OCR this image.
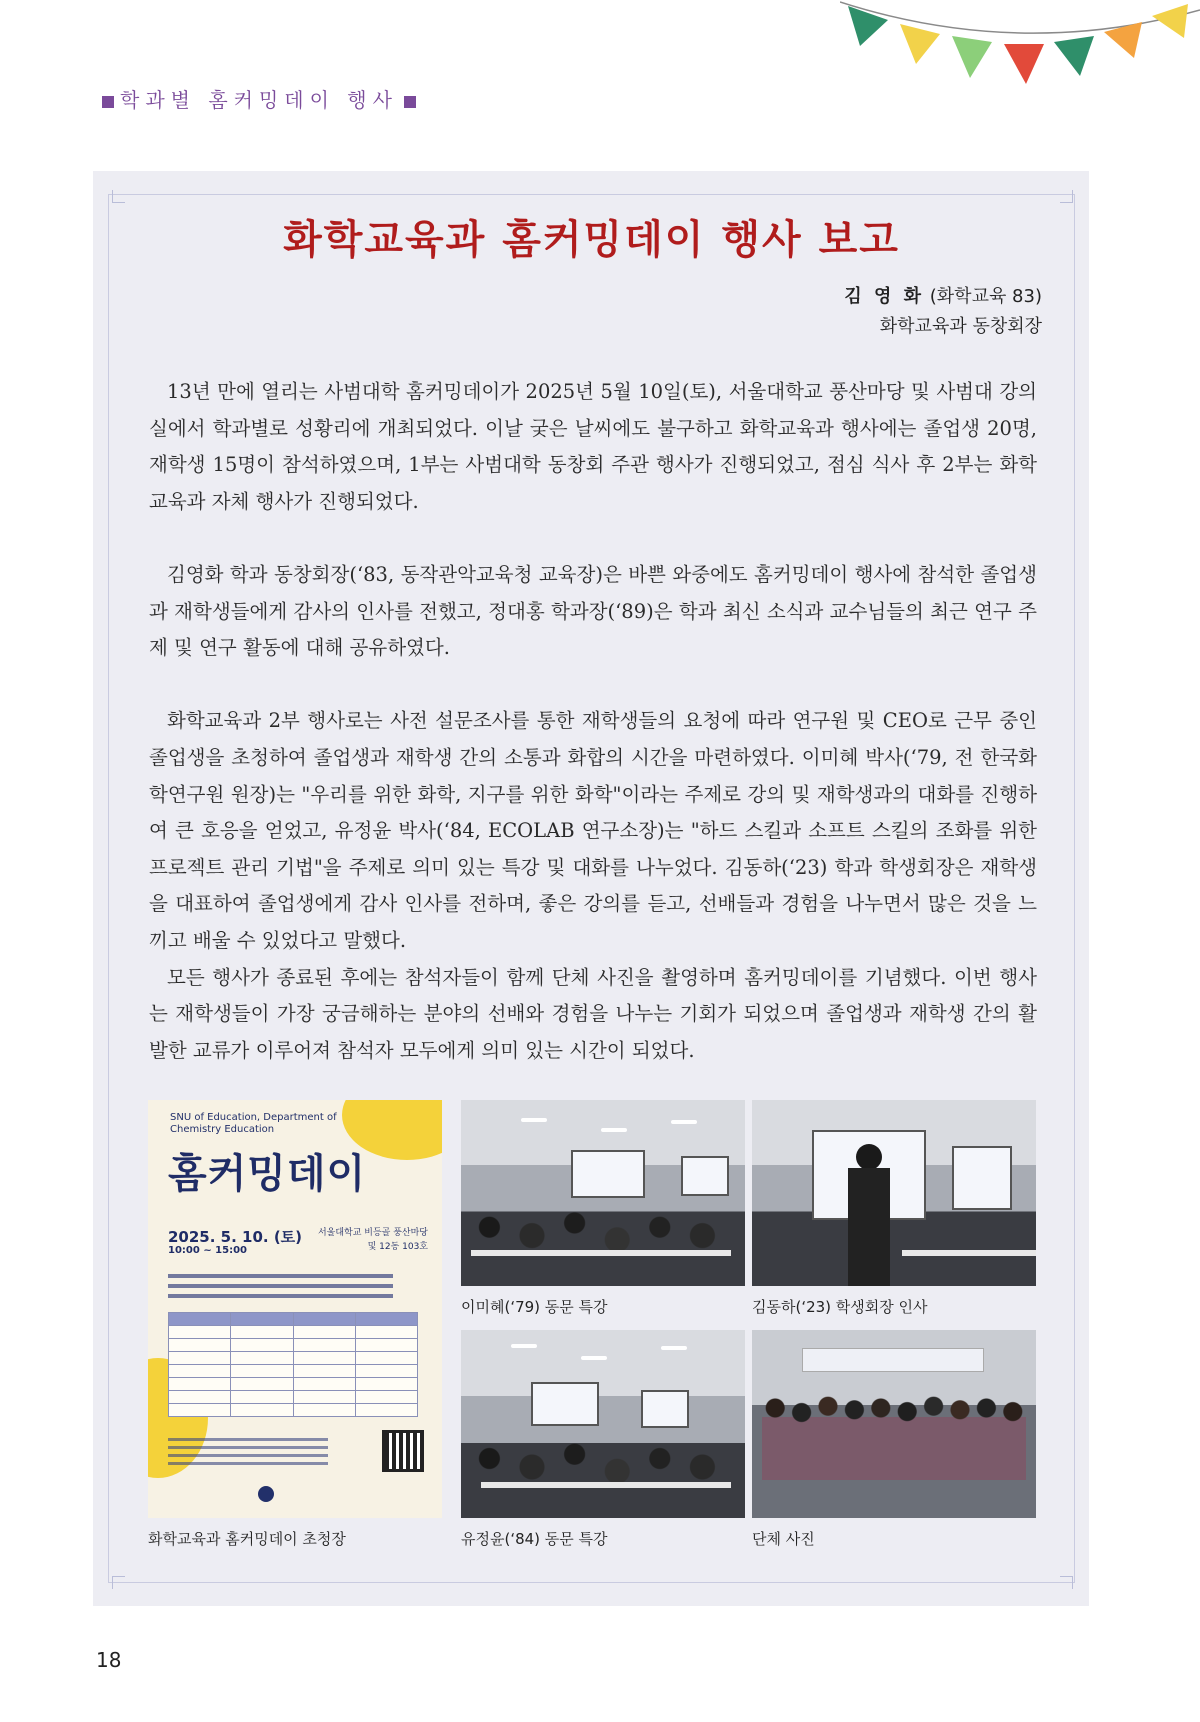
학과별 홈커밍데이 행사
화학교육과 홈커밍데이 행사 보고
김 영 화 (화학교육 83)
화학교육과 동창회장

13년 만에 열리는 사범대학 홈커밍데이가 2025년 5월 10일(토), 서울대학교 풍산마당 및 사범대 강의실에서 학과별로 성황리에 개최되었다. 이날 궂은 날씨에도 불구하고 화학교육과 행사에는 졸업생 20명, 재학생 15명이 참석하였으며, 1부는 사범대학 동창회 주관 행사가 진행되었고, 점심 식사 후 2부는 화학교육과 자체 행사가 진행되었다.

김영화 학과 동창회장(‘83, 동작관악교육청 교육장)은 바쁜 와중에도 홈커밍데이 행사에 참석한 졸업생과 재학생들에게 감사의 인사를 전했고, 정대홍 학과장(‘89)은 학과 최신 소식과 교수님들의 최근 연구 주제 및 연구 활동에 대해 공유하였다.

화학교육과 2부 행사로는 사전 설문조사를 통한 재학생들의 요청에 따라 연구원 및 CEO로 근무 중인 졸업생을 초청하여 졸업생과 재학생 간의 소통과 화합의 시간을 마련하였다. 이미혜 박사(‘79, 전 한국화학연구원 원장)는 "우리를 위한 화학, 지구를 위한 화학"이라는 주제로 강의 및 재학생과의 대화를 진행하여 큰 호응을 얻었고, 유정윤 박사(‘84, ECOLAB 연구소장)는 "하드 스킬과 소프트 스킬의 조화를 위한 프로젝트 관리 기법"을 주제로 의미 있는 특강 및 대화를 나누었다. 김동하(‘23) 학과 학생회장은 재학생을 대표하여 졸업생에게 감사 인사를 전하며, 좋은 강의를 듣고, 선배들과 경험을 나누면서 많은 것을 느끼고 배울 수 있었다고 말했다.

모든 행사가 종료된 후에는 참석자들이 함께 단체 사진을 촬영하며 홈커밍데이를 기념했다. 이번 행사는 재학생들이 가장 궁금해하는 분야의 선배와 경험을 나누는 기회가 되었으며 졸업생과 재학생 간의 활발한 교류가 이루어져 참석자 모두에게 의미 있는 시간이 되었다.

SNU of Education, Department of
Chemistry Education
홈커밍데이
2025. 5. 10. (토)
10:00 ~ 15:00
서울대학교 비등골 풍산마당
및 12동 103호

화학교육과 홈커밍데이 초청장
이미혜(‘79) 동문 특강	김동하(‘23) 학생회장 인사
유정윤(‘84) 동문 특강	단체 사진
18
